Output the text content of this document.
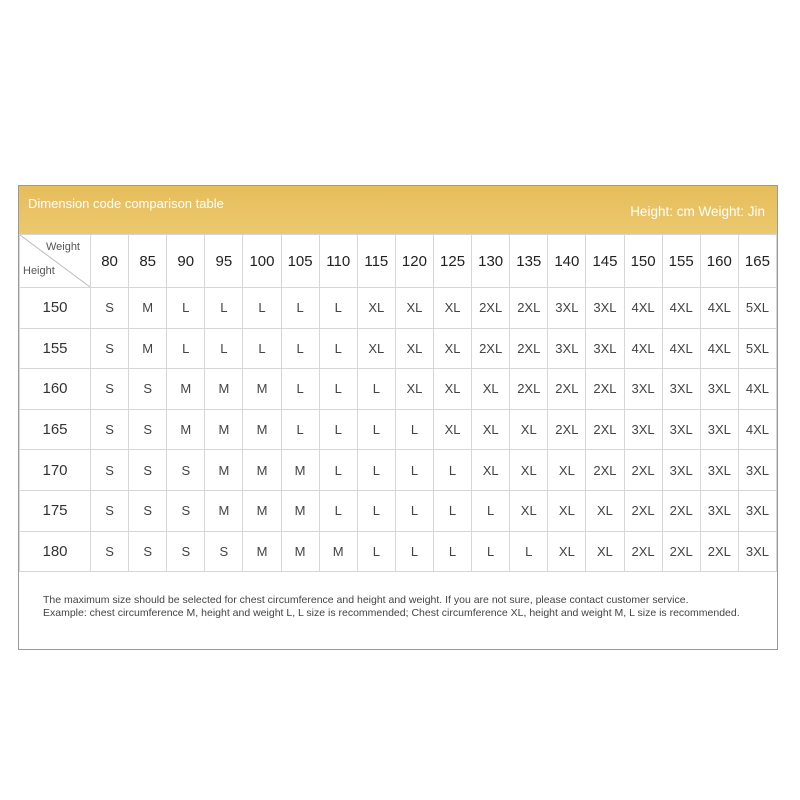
Dimension code comparison table
Height: cm Weight: Jin
Weight
Height	80	85	90	95	100	105	110	115	120	125	130	135	140	145	150	155	160	165
150	S	M	L	L	L	L	L	XL	XL	XL	2XL	2XL	3XL	3XL	4XL	4XL	4XL	5XL
155	S	M	L	L	L	L	L	XL	XL	XL	2XL	2XL	3XL	3XL	4XL	4XL	4XL	5XL
160	S	S	M	M	M	L	L	L	XL	XL	XL	2XL	2XL	2XL	3XL	3XL	3XL	4XL
165	S	S	M	M	M	L	L	L	L	XL	XL	XL	2XL	2XL	3XL	3XL	3XL	4XL
170	S	S	S	M	M	M	L	L	L	L	XL	XL	XL	2XL	2XL	3XL	3XL	3XL
175	S	S	S	M	M	M	L	L	L	L	L	XL	XL	XL	2XL	2XL	3XL	3XL
180	S	S	S	S	M	M	M	L	L	L	L	L	XL	XL	2XL	2XL	2XL	3XL
The maximum size should be selected for chest circumference and height and weight. If you are not sure, please contact customer service.
Example: chest circumference M, height and weight L, L size is recommended; Chest circumference XL, height and weight M, L size is recommended.
